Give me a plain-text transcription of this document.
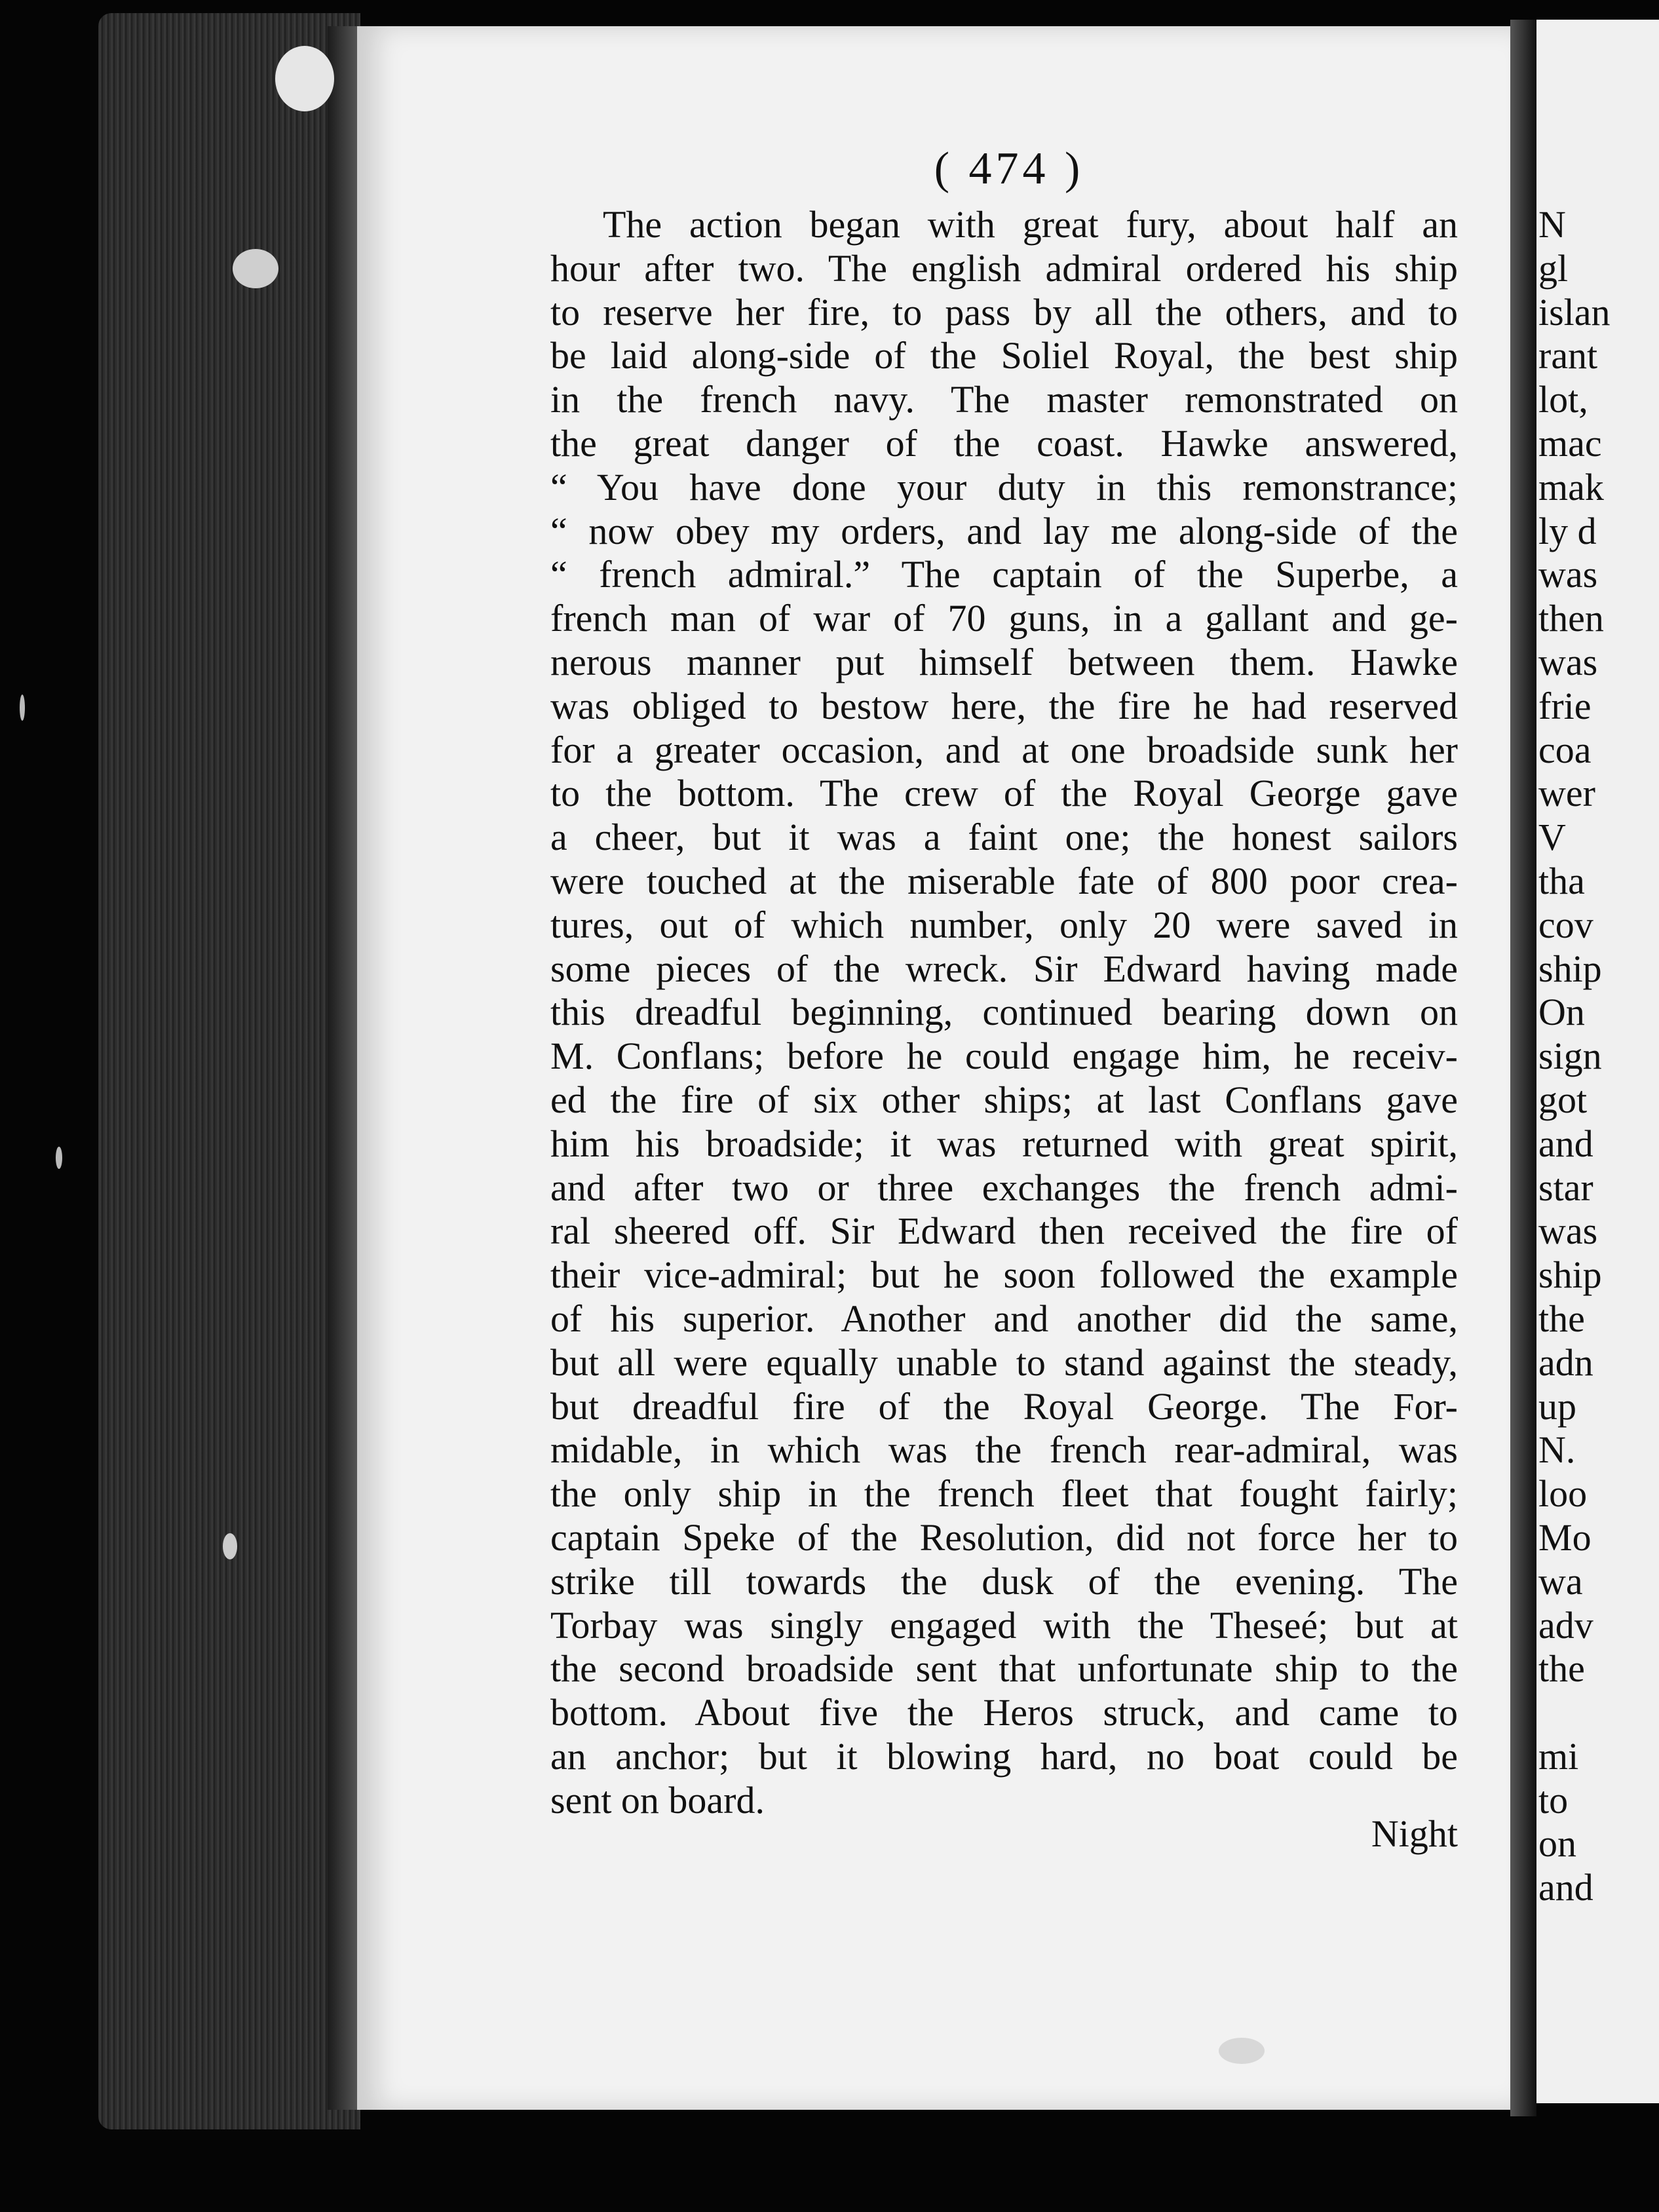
( 474 )
The action began with great fury, about half an
hour after two. The english admiral ordered his ship
to reserve her fire, to pass by all the others, and to
be laid along-side of the Soliel Royal, the best ship
in the french navy. The master remonstrated on
the great danger of the coast. Hawke answered,
“ You have done your duty in this remonstrance;
“ now obey my orders, and lay me along-side of the
“ french admiral.” The captain of the Superbe, a
french man of war of 70 guns, in a gallant and ge-
nerous manner put himself between them. Hawke
was obliged to bestow here, the fire he had reserved
for a greater occasion, and at one broadside sunk her
to the bottom. The crew of the Royal George gave
a cheer, but it was a faint one; the honest sailors
were touched at the miserable fate of 800 poor crea-
tures, out of which number, only 20 were saved in
some pieces of the wreck. Sir Edward having made
this dreadful beginning, continued bearing down on
M. Conflans; before he could engage him, he receiv-
ed the fire of six other ships; at last Conflans gave
him his broadside; it was returned with great spirit,
and after two or three exchanges the french admi-
ral sheered off. Sir Edward then received the fire of
their vice-admiral; but he soon followed the example
of his superior. Another and another did the same,
but all were equally unable to stand against the steady,
but dreadful fire of the Royal George. The For-
midable, in which was the french rear-admiral, was
the only ship in the french fleet that fought fairly;
captain Speke of the Resolution, did not force her to
strike till towards the dusk of the evening. The
Torbay was singly engaged with the Theseé; but at
the second broadside sent that unfortunate ship to the
bottom. About five the Heros struck, and came to
an anchor; but it blowing hard, no boat could be
sent on board.
Night
N
gl
islan
rant
lot,
mac
mak
ly d
was
then
was
frie
coa
wer
V
tha
cov
ship
On
sign
got
and
star
was
ship
the
adn
up
N.
loo
Mo
wa
adv
the
mi
to
on
and
